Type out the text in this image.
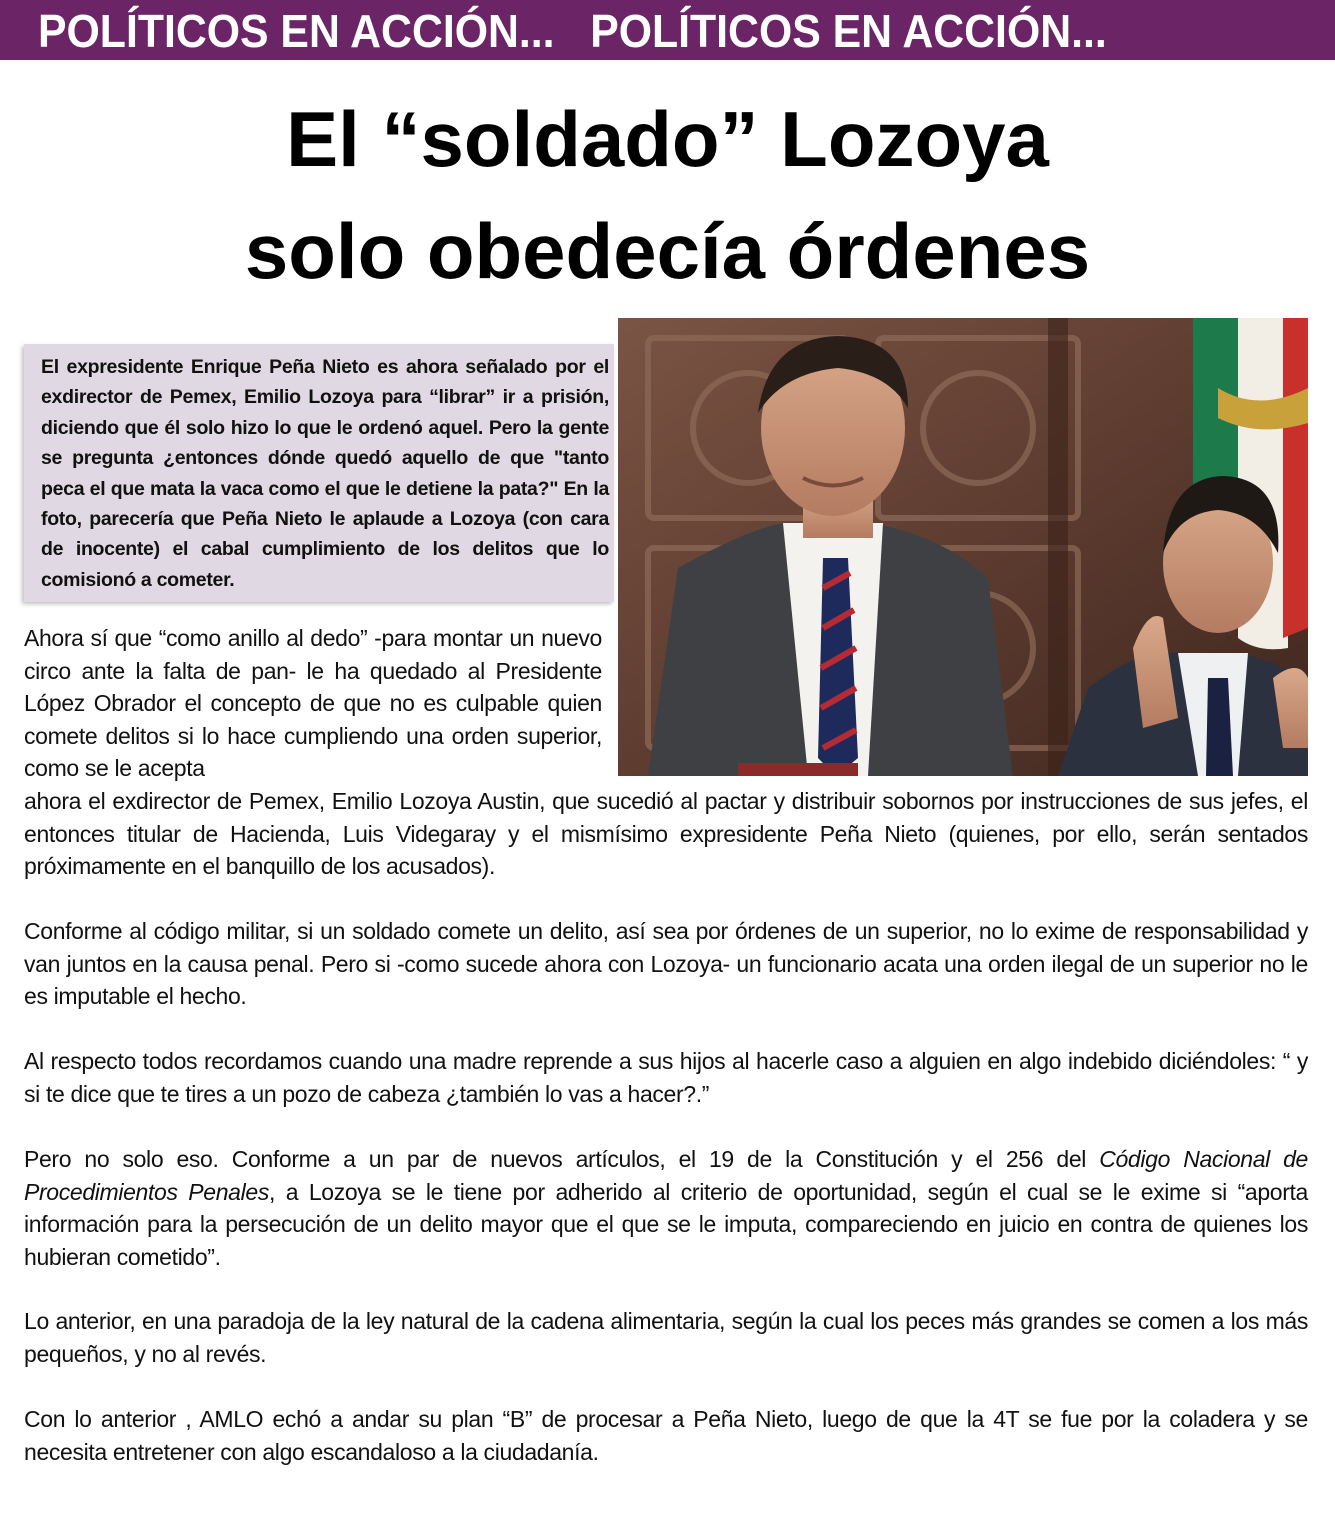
POLÍTICOS EN ACCIÓN...   POLÍTICOS EN ACCIÓN...
El “soldado” Lozoya
solo obedecía órdenes
El expresidente Enrique Peña Nieto es ahora señalado por el exdirector de Pemex, Emilio Lozoya para “librar” ir a prisión, diciendo que él solo hizo lo que le ordenó aquel. Pero la gente se pregunta ¿entonces dónde quedó aquello de que "tanto peca el que mata la vaca como el que le detiene la pata?" En la foto, parecería que Peña Nieto le aplaude a Lozoya (con cara de inocente) el cabal cumplimiento de los delitos que lo comisionó a cometer.
Ahora sí que “como anillo al dedo” -para montar un nuevo circo ante la falta de pan- le ha quedado al Presidente López Obrador el concepto de que no es culpable quien comete delitos si lo hace cumpliendo una orden superior, como se le acepta
ahora el exdirector de Pemex, Emilio Lozoya Austin, que sucedió al pactar y distribuir sobornos por instrucciones de sus jefes, el entonces titular de Hacienda, Luis Videgaray y el mismísimo expresidente Peña Nieto (quienes, por ello, serán sentados próximamente en el banquillo de los acusados).
Conforme al código militar, si un soldado comete un delito, así sea por órdenes de un superior, no lo exime de responsabilidad y van juntos en la causa penal. Pero si -como sucede ahora con Lozoya- un funcionario acata una orden ilegal de un superior no le es imputable el hecho.
Al respecto todos recordamos cuando una madre reprende a sus hijos al hacerle caso a alguien en algo indebido diciéndoles: “ y si te dice que te tires a un pozo de cabeza ¿también lo vas a hacer?.”
Pero no solo eso. Conforme a un par de nuevos artículos, el 19 de la Constitución y el 256 del Código Nacional de Procedimientos Penales, a Lozoya se le tiene por adherido al criterio de oportunidad, según el cual se le exime si “aporta información para la persecución de un delito mayor que el que se le imputa, compareciendo en juicio en contra de quienes los hubieran cometido”.
Lo anterior, en una paradoja de la ley natural de la cadena alimentaria, según la cual los peces más grandes se comen a los más pequeños, y no al revés.
Con lo anterior , AMLO echó a andar su plan “B” de procesar a Peña Nieto, luego de que la 4T se fue por la coladera y se necesita entretener con algo escandaloso a la ciudadanía.
